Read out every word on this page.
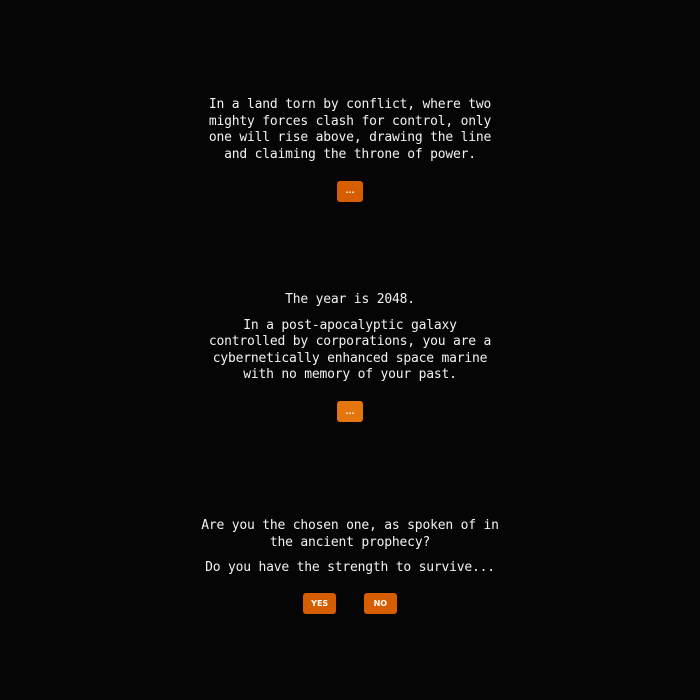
In a land torn by conflict, where two mighty forces clash for control, only one will rise above, drawing the line and claiming the throne of power.

...

The year is 2048.

In a post-apocalyptic galaxy controlled by corporations, you are a cybernetically enhanced space marine with no memory of your past.

...

Are you the chosen one, as spoken of in the ancient prophecy?

Do you have the strength to survive...

YES	NO
